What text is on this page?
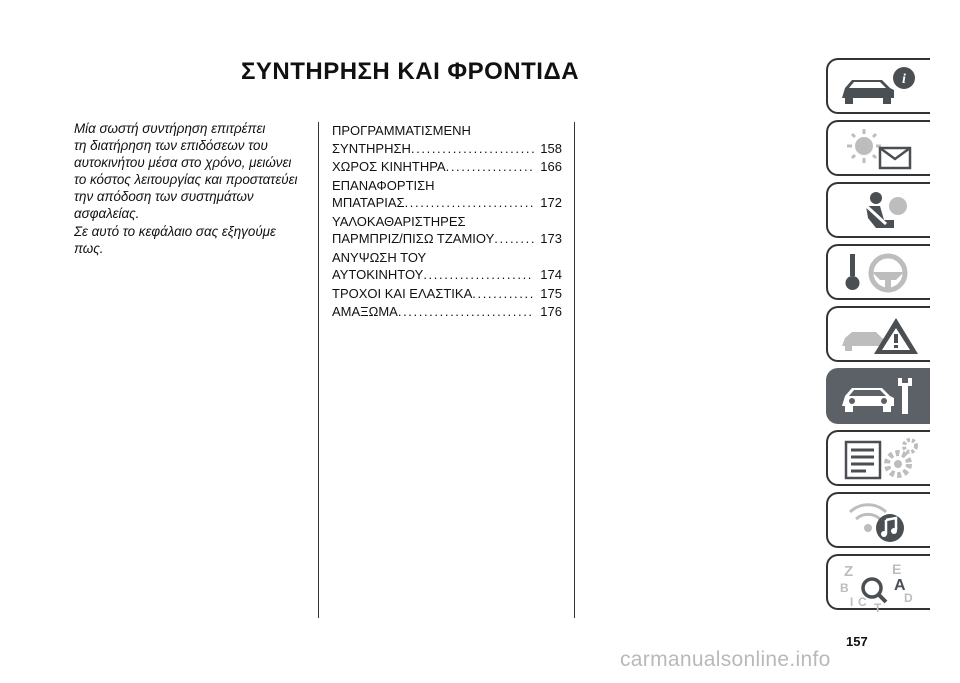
ΣΥΝΤΗΡΗΣΗ ΚΑΙ ΦΡΟΝΤΙΔΑ

Μία σωστή συντήρηση επιτρέπει
τη διατήρηση των επιδόσεων του
αυτοκινήτου μέσα στο χρόνο, μειώνει
το κόστος λειτουργίας και προστατεύει
την απόδοση των συστημάτων
ασφαλείας.

Σε αυτό το κεφάλαιο σας εξηγούμε
πως.

ΠΡΟΓΡΑΜΜΑΤΙΣΜΕΝΗ
ΣΥΝΤΗΡΗΣΗ . . .	158
ΧΩΡΟΣ ΚΙΝΗΤΗΡΑ . . .	166
ΕΠΑΝΑΦΟΡΤΙΣΗ
ΜΠΑΤΑΡΙΑΣ . . .	172
ΥΑΛΟΚΑΘΑΡΙΣΤΗΡΕΣ
ΠΑΡΜΠΡΙΖ/ΠΙΣΩ ΤΖΑΜΙΟΥ . . .	173
ΑΝΥΨΩΣΗ ΤΟΥ
ΑΥΤΟΚΙΝΗΤΟΥ . . .	174
ΤΡΟΧΟΙ ΚΑΙ ΕΛΑΣΤΙΚΑ . . .	175
ΑΜΑΞΩΜΑ . . .	176
i
Z	E
B	A
I C	D
T
157
carmanualsonline.info
